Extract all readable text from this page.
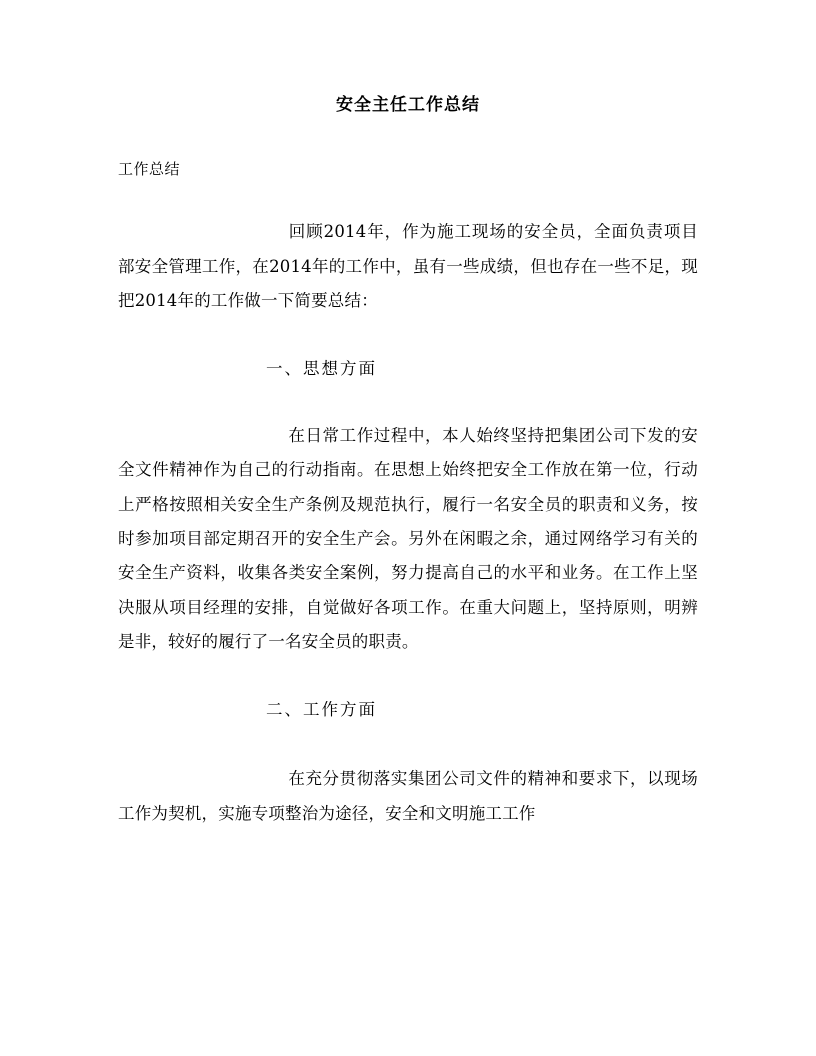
安全主任工作总结
工作总结

回顾2014年，作为施工现场的安全员，全面负责项目部安全管理工作，在2014年的工作中，虽有一些成绩，但也存在一些不足，现把2014年的工作做一下简要总结：

一、思想方面

在日常工作过程中，本人始终坚持把集团公司下发的安全文件精神作为自己的行动指南。在思想上始终把安全工作放在第一位，行动上严格按照相关安全生产条例及规范执行，履行一名安全员的职责和义务，按时参加项目部定期召开的安全生产会。另外在闲暇之余，通过网络学习有关的安全生产资料，收集各类安全案例，努力提高自己的水平和业务。在工作上坚决服从项目经理的安排，自觉做好各项工作。在重大问题上，坚持原则，明辨是非，较好的履行了一名安全员的职责。

二、工作方面

在充分贯彻落实集团公司文件的精神和要求下，以现场工作为契机，实施专项整治为途径，安全和文明施工工作
